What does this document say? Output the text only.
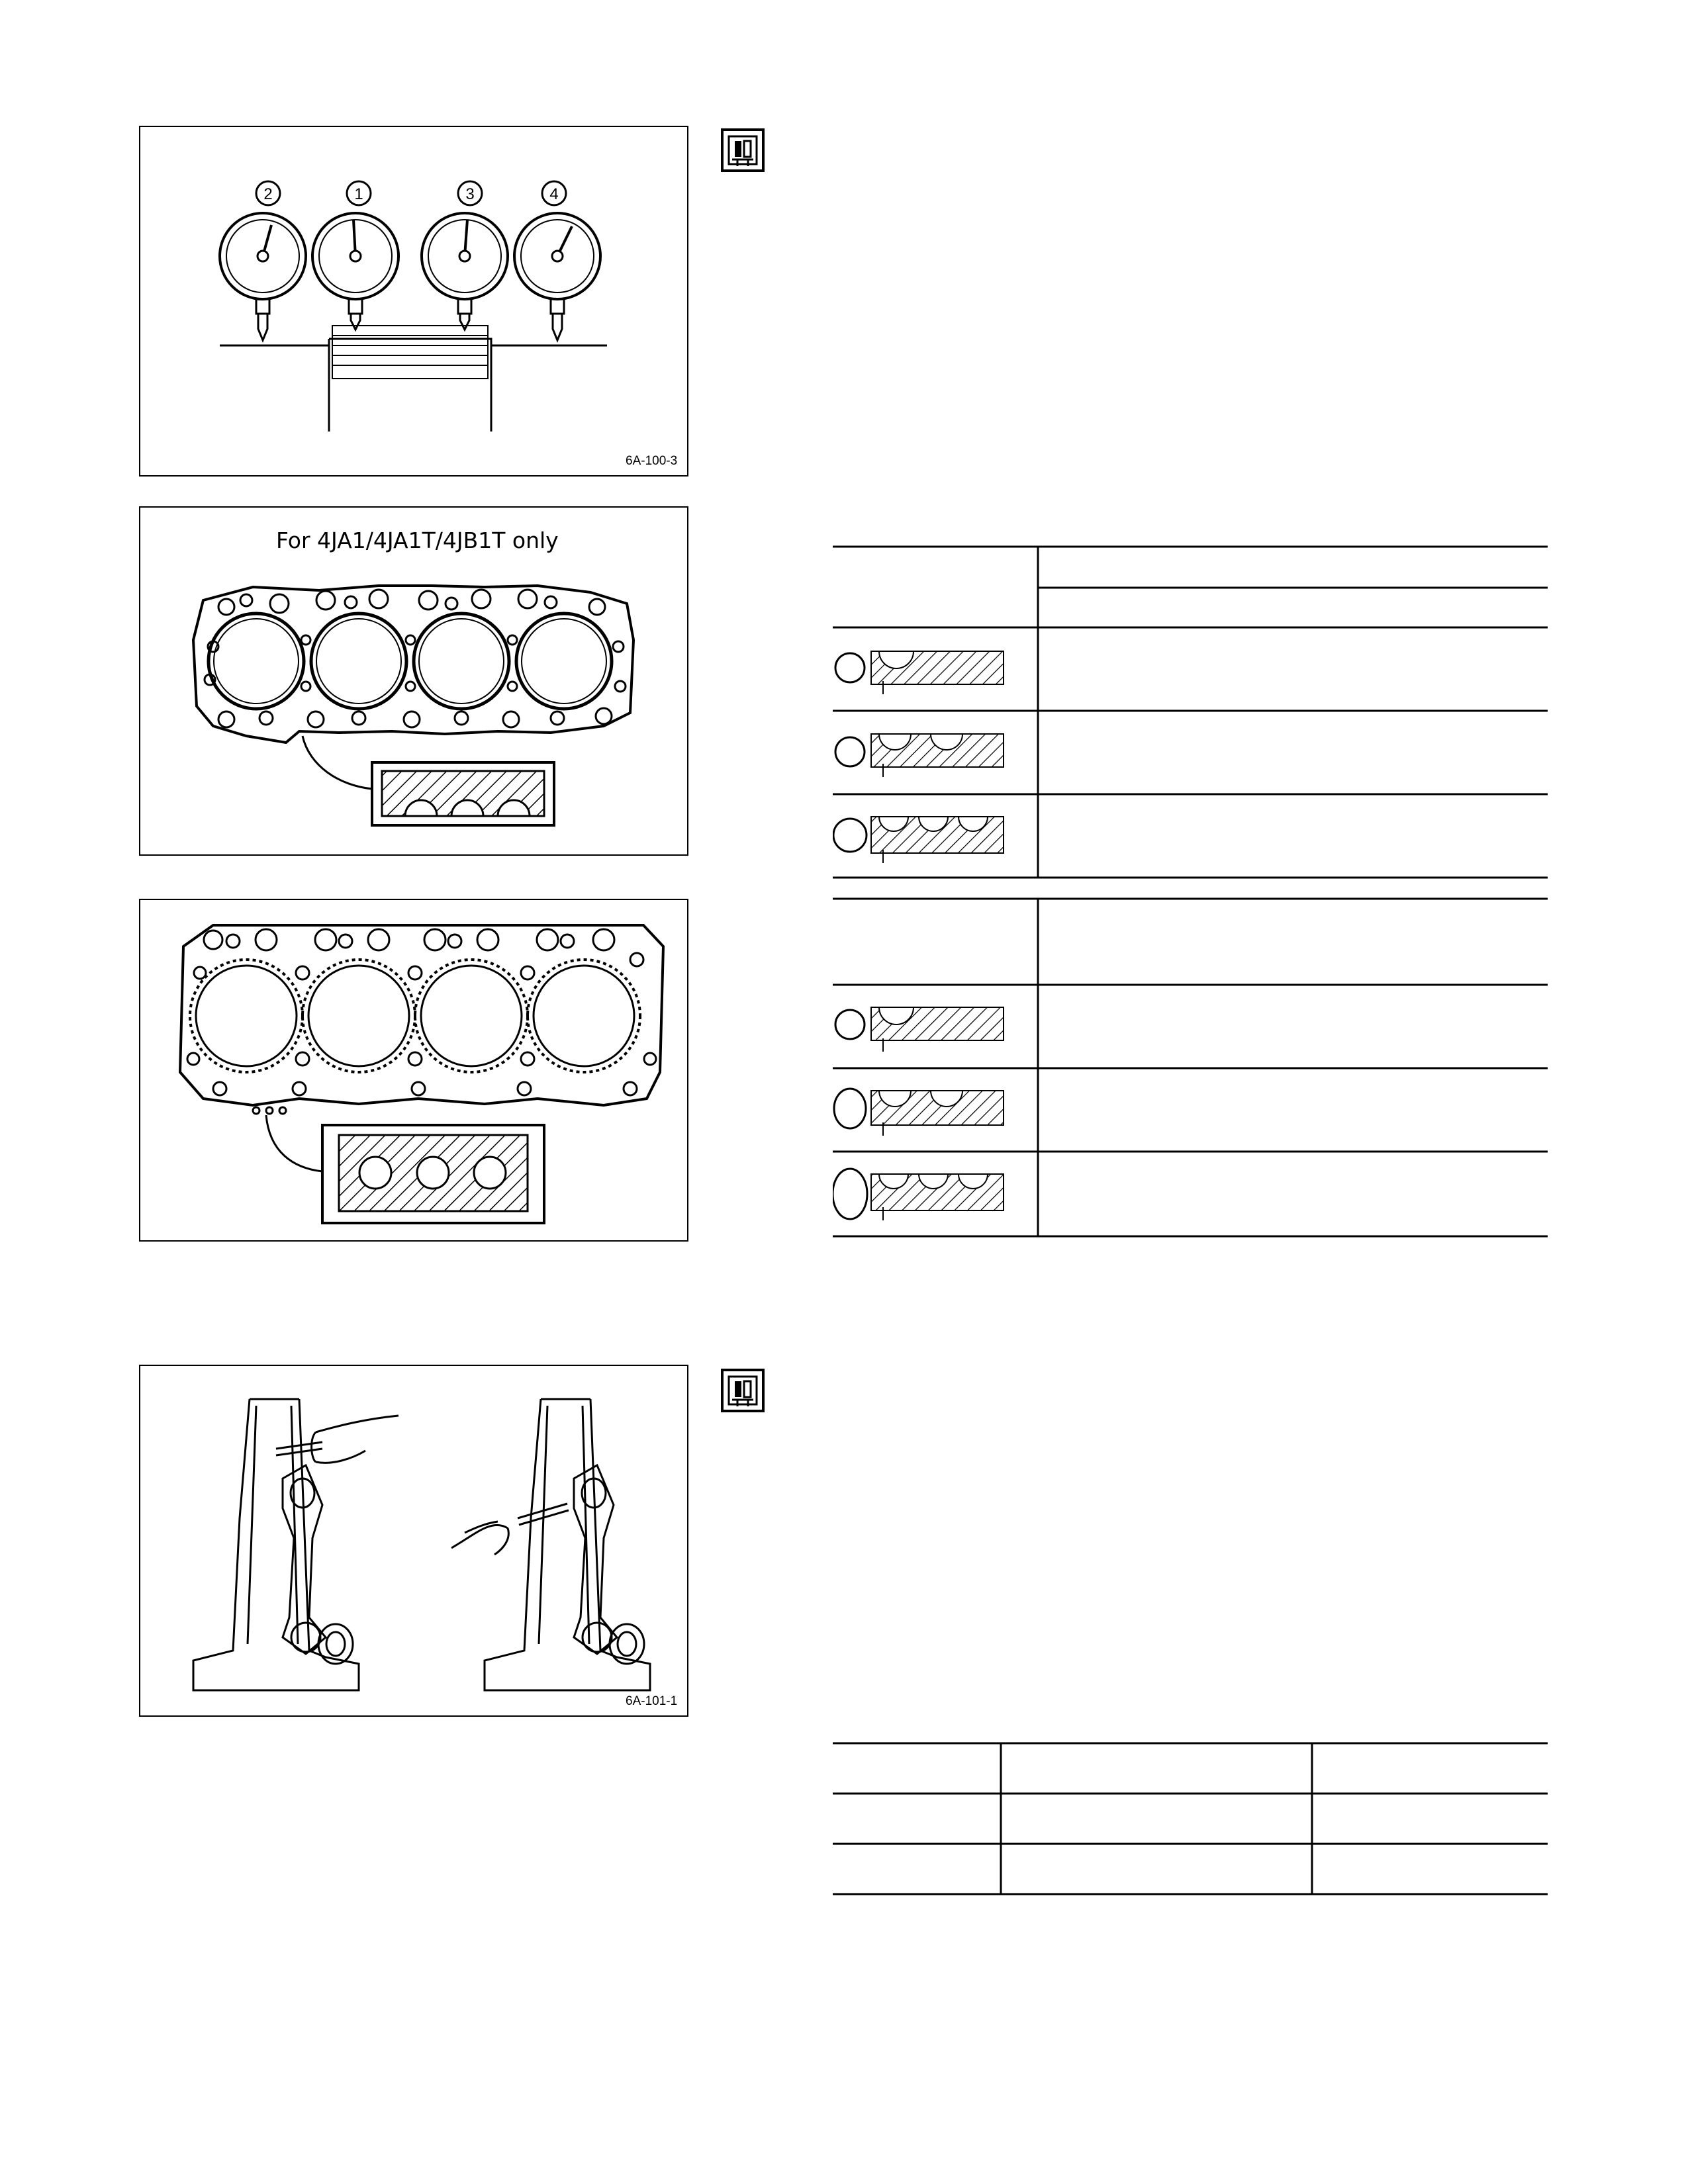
2	1	3	4
6A-100-3
For 4JA1/4JA1T/4JB1T only
6A-101-1
